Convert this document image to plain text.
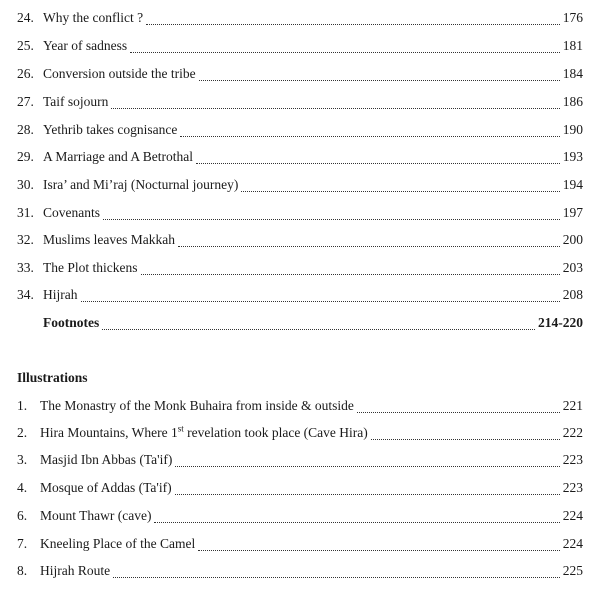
24. Why the conflict ?	176
25. Year of sadness	181
26. Conversion outside the tribe	184
27. Taif sojourn	186
28. Yethrib takes cognisance	190
29. A Marriage and A Betrothal	193
30. Isra’ and Mi’raj (Nocturnal journey)	194
31. Covenants	197
32. Muslims leaves Makkah	200
33. The Plot thickens	203
34. Hijrah	208
Footnotes	214-220
Illustrations
1. The Monastry of the Monk Buhaira from inside & outside	221
2. Hira Mountains, Where 1st revelation took place (Cave Hira)	222
3. Masjid Ibn Abbas (Ta'if)	223
4. Mosque of Addas (Ta'if)	223
6. Mount Thawr (cave)	224
7. Kneeling Place of the Camel	224
8. Hijrah Route	225
